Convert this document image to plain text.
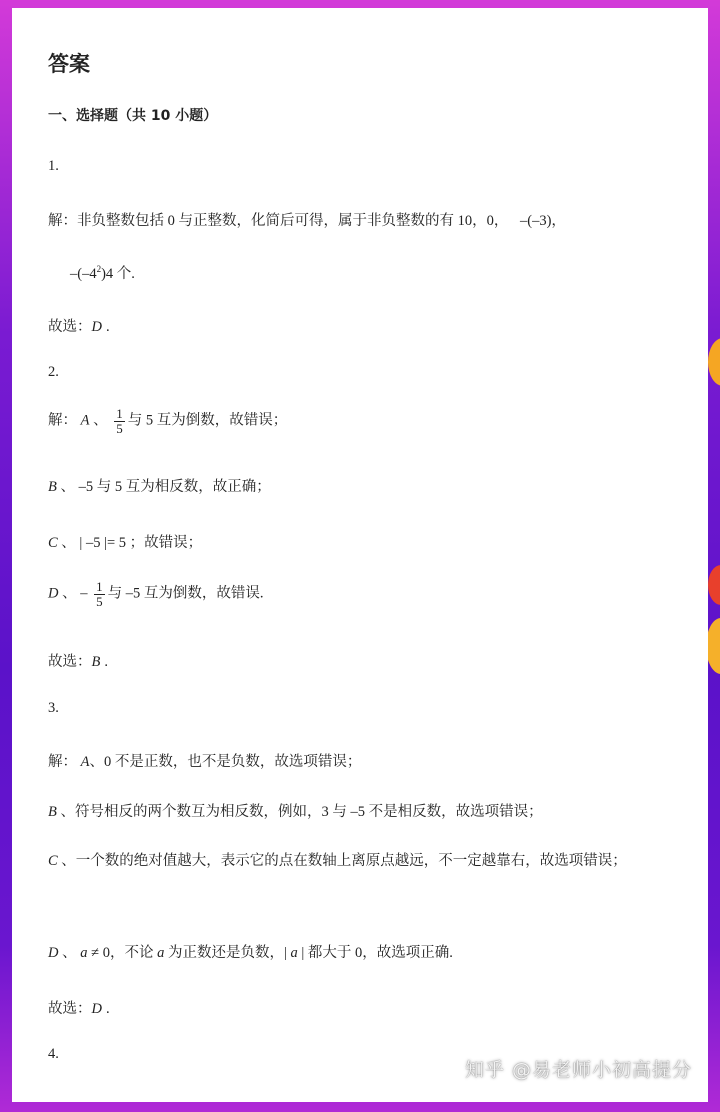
答案
一、选择题（共 10 小题）
1.
解：非负整数包括 0 与正整数，化简后可得，属于非负整数的有 10，0， –(–3)，
$-(-4^2)4$ 个.
故选：D .
2.
解： A 、 $\frac{1}{5}$ 与 5 互为倒数，故错误；
B 、 –5 与 5 互为相反数，故正确；
C 、 | –5 |= 5 ；故错误；
D 、 – $\frac{1}{5}$ 与 –5 互为倒数，故错误.
故选：B .
3.
解： A、0 不是正数，也不是负数，故选项错误；
B 、符号相反的两个数互为相反数，例如，3 与 –5 不是相反数，故选项错误；
C 、一个数的绝对值越大，表示它的点在数轴上离原点越远，不一定越靠右，故选项错误；
D 、 a ≠ 0，不论 a 为正数还是负数，| a | 都大于 0，故选项正确.
故选：D .
4.
知乎 @易老师小初高提分
